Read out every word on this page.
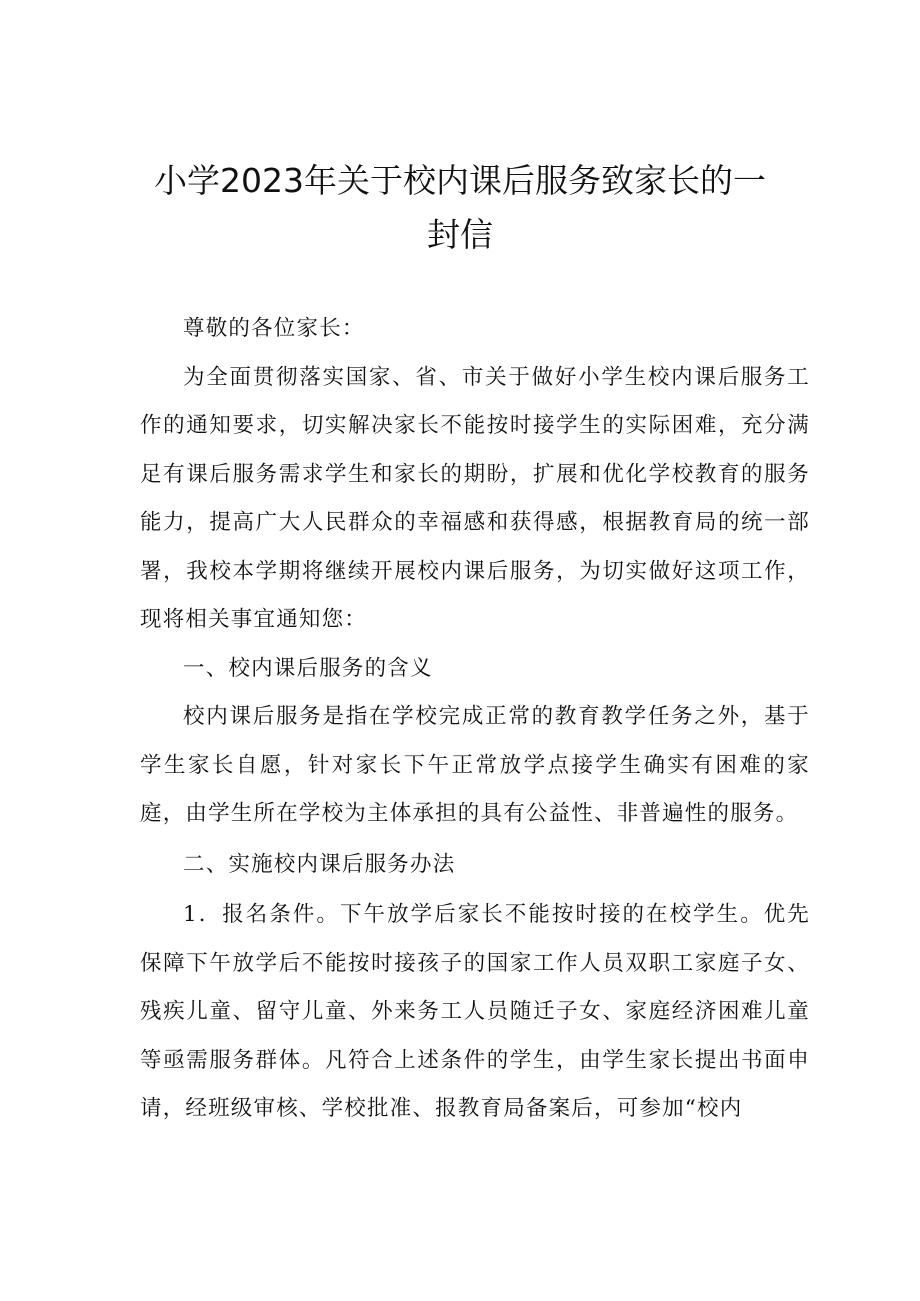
小学2023年关于校内课后服务致家长的一
封信

尊敬的各位家长：

为全面贯彻落实国家、省、市关于做好小学生校内课后服务工作的通知要求，切实解决家长不能按时接学生的实际困难，充分满足有课后服务需求学生和家长的期盼，扩展和优化学校教育的服务能力，提高广大人民群众的幸福感和获得感，根据教育局的统一部署，我校本学期将继续开展校内课后服务，为切实做好这项工作，现将相关事宜通知您：

一、校内课后服务的含义

校内课后服务是指在学校完成正常的教育教学任务之外，基于学生家长自愿，针对家长下午正常放学点接学生确实有困难的家庭，由学生所在学校为主体承担的具有公益性、非普遍性的服务。

二、实施校内课后服务办法

1．报名条件。下午放学后家长不能按时接的在校学生。优先保障下午放学后不能按时接孩子的国家工作人员双职工家庭子女、残疾儿童、留守儿童、外来务工人员随迁子女、家庭经济困难儿童等亟需服务群体。凡符合上述条件的学生，由学生家长提出书面申请，经班级审核、学校批准、报教育局备案后，可参加“校内
